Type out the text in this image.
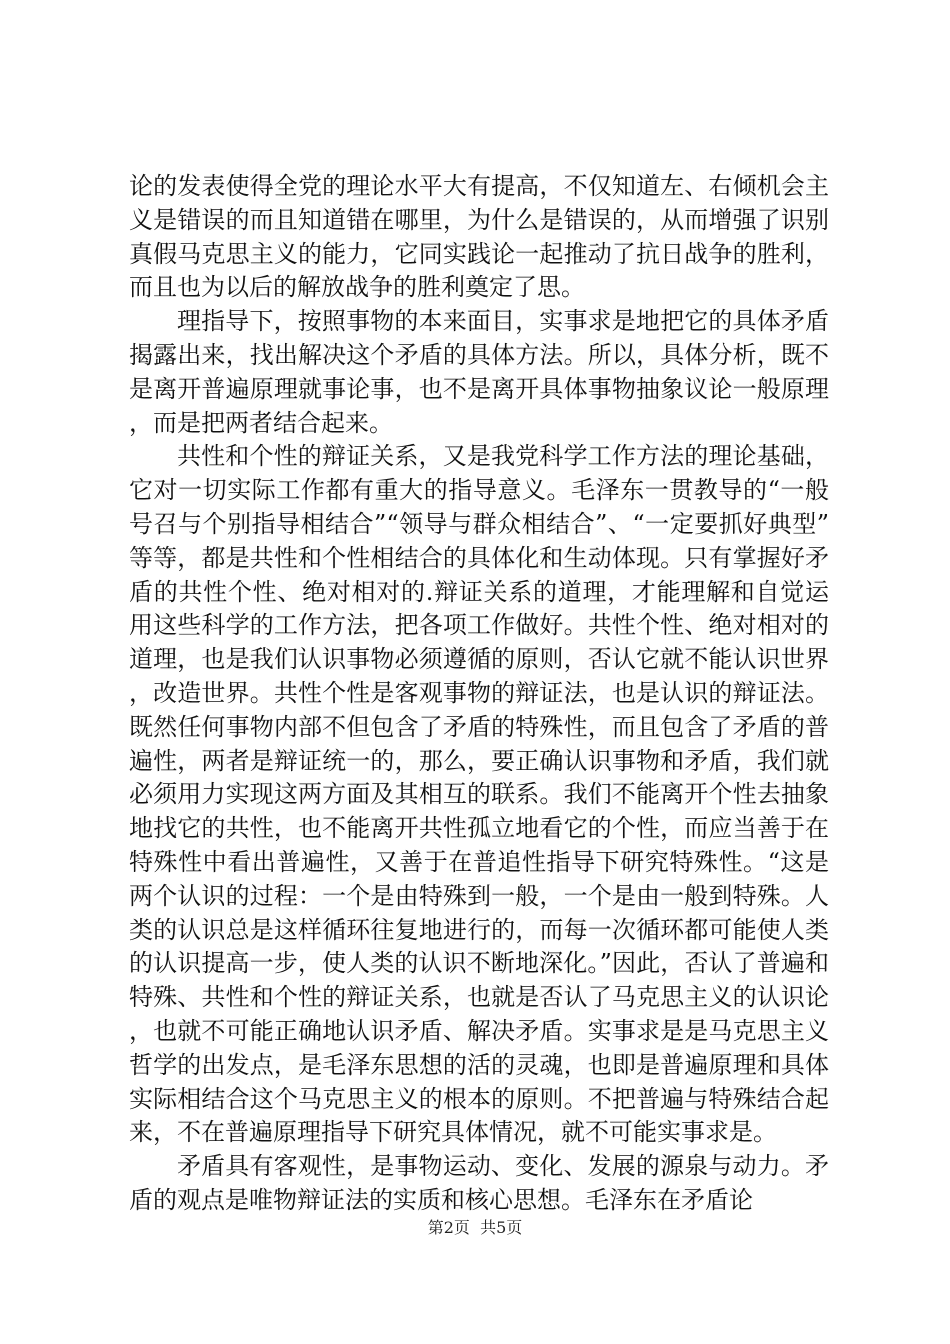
论的发表使得全党的理论水平大有提高，不仅知道左、右倾机会主义是错误的而且知道错在哪里，为什么是错误的，从而增强了识别真假马克思主义的能力，它同实践论一起推动了抗日战争的胜利，而且也为以后的解放战争的胜利奠定了思。

理指导下，按照事物的本来面目，实事求是地把它的具体矛盾揭露出来，找出解决这个矛盾的具体方法。所以，具体分析，既不是离开普遍原理就事论事，也不是离开具体事物抽象议论一般原理，而是把两者结合起来。

共性和个性的辩证关系，又是我党科学工作方法的理论基础，它对一切实际工作都有重大的指导意义。毛泽东一贯教导的“一般号召与个别指导相结合”“领导与群众相结合”、“一定要抓好典型”等等，都是共性和个性相结合的具体化和生动体现。只有掌握好矛盾的共性个性、绝对相对的.辩证关系的道理，才能理解和自觉运用这些科学的工作方法，把各项工作做好。共性个性、绝对相对的道理，也是我们认识事物必须遵循的原则，否认它就不能认识世界，改造世界。共性个性是客观事物的辩证法，也是认识的辩证法。既然任何事物内部不但包含了矛盾的特殊性，而且包含了矛盾的普遍性，两者是辩证统一的，那么，要正确认识事物和矛盾，我们就必须用力实现这两方面及其相互的联系。我们不能离开个性去抽象地找它的共性，也不能离开共性孤立地看它的个性，而应当善于在特殊性中看出普遍性，又善于在普追性指导下研究特殊性。“这是两个认识的过程：一个是由特殊到一般，一个是由一般到特殊。人类的认识总是这样循环往复地进行的，而每一次循环都可能使人类的认识提高一步，使人类的认识不断地深化。”因此，否认了普遍和特殊、共性和个性的辩证关系，也就是否认了马克思主义的认识论，也就不可能正确地认识矛盾、解决矛盾。实事求是是马克思主义哲学的出发点，是毛泽东思想的活的灵魂，也即是普遍原理和具体实际相结合这个马克思主义的根本的原则。不把普遍与特殊结合起来，不在普遍原理指导下研究具体情况，就不可能实事求是。

矛盾具有客观性，是事物运动、变化、发展的源泉与动力。矛盾的观点是唯物辩证法的实质和核心思想。毛泽东在矛盾论

第2页  共5页
